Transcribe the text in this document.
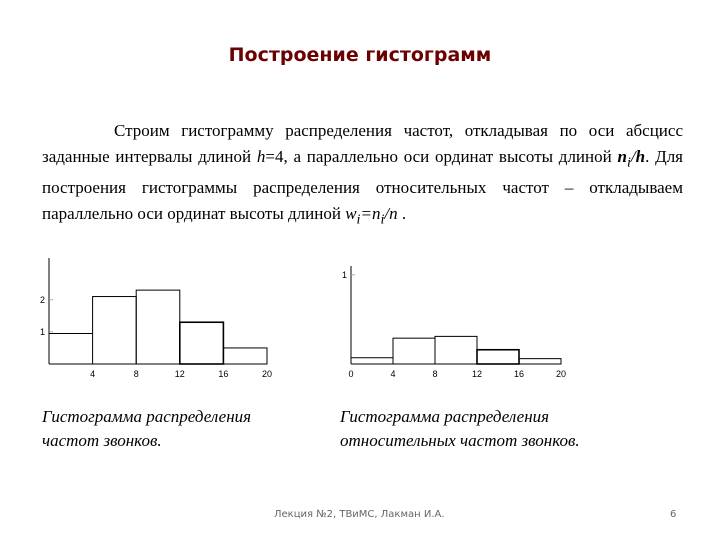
Построение гистограмм

Строим гистограмму распределения частот, откладывая по оси абсцисс заданные интервалы длиной h=4, а параллельно оси ординат высоты длиной $n_i/h$. Для построения гистограммы распределения относительных частот – откладываем параллельно оси ординат высоты длиной $w_i=n_i/n$ .

4	8	12	16	20
1
2
0	4	8	12	16	20
1

Гистограмма распределения частот звонков.

Гистограмма распределения относительных частот звонков.

Лекция №2, ТВиМС, Лакман И.А.	6
